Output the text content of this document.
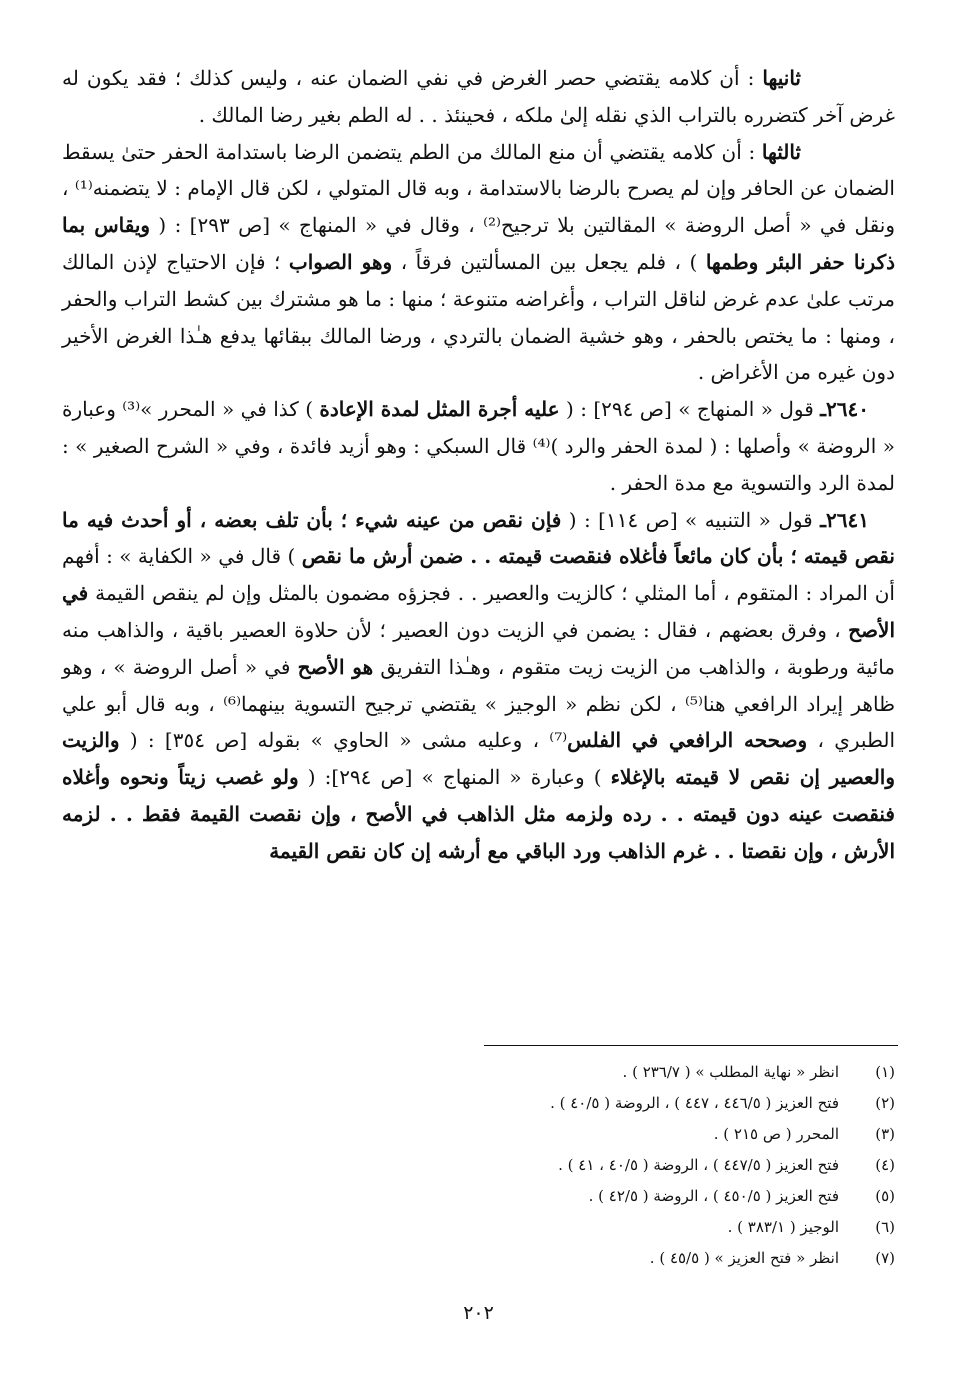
ثانيها : أن كلامه يقتضي حصر الغرض في نفي الضمان عنه ، وليس كذلك ؛ فقد يكون له غرض آخر كتضرره بالتراب الذي نقله إلىٰ ملكه ، فحينئذ . . له الطم بغير رضا المالك .

ثالثها : أن كلامه يقتضي أن منع المالك من الطم يتضمن الرضا باستدامة الحفر حتىٰ يسقط الضمان عن الحافر وإن لم يصرح بالرضا بالاستدامة ، وبه قال المتولي ، لكن قال الإمام : لا يتضمنه⁽¹⁾ ، ونقل في « أصل الروضة » المقالتين بلا ترجيح⁽²⁾ ، وقال في « المنهاج » [ص ٢٩٣] : ( ويقاس بما ذكرنا حفر البئر وطمها ) ، فلم يجعل بين المسألتين فرقاً ، وهو الصواب ؛ فإن الاحتياج لإذن المالك مرتب علىٰ عدم غرض لناقل التراب ، وأغراضه متنوعة ؛ منها : ما هو مشترك بين كشط التراب والحفر ، ومنها : ما يختص بالحفر ، وهو خشية الضمان بالتردي ، ورضا المالك ببقائها يدفع هـٰذا الغرض الأخير دون غيره من الأغراض .

٢٦٤٠ـ قول « المنهاج » [ص ٢٩٤] : ( عليه أجرة المثل لمدة الإعادة ) كذا في « المحرر »⁽³⁾ وعبارة « الروضة » وأصلها : ( لمدة الحفر والرد )⁽⁴⁾ قال السبكي : وهو أزيد فائدة ، وفي « الشرح الصغير » : لمدة الرد والتسوية مع مدة الحفر .

٢٦٤١ـ قول « التنبيه » [ص ١١٤] : ( فإن نقص من عينه شيء ؛ بأن تلف بعضه ، أو أحدث فيه ما نقص قيمته ؛ بأن كان مائعاً فأغلاه فنقصت قيمته . . ضمن أرش ما نقص ) قال في « الكفاية » : أفهم أن المراد : المتقوم ، أما المثلي ؛ كالزيت والعصير . . فجزؤه مضمون بالمثل وإن لم ينقص القيمة في الأصح ، وفرق بعضهم ، فقال : يضمن في الزيت دون العصير ؛ لأن حلاوة العصير باقية ، والذاهب منه مائية ورطوبة ، والذاهب من الزيت زيت متقوم ، وهـٰذا التفريق هو الأصح في « أصل الروضة » ، وهو ظاهر إيراد الرافعي هنا⁽⁵⁾ ، لكن نظم « الوجيز » يقتضي ترجيح التسوية بينهما⁽⁶⁾ ، وبه قال أبو علي الطبري ، وصححه الرافعي في الفلس⁽⁷⁾ ، وعليه مشى « الحاوي » بقوله [ص ٣٥٤] : ( والزيت والعصير إن نقص لا قيمته بالإغلاء ) وعبارة « المنهاج » [ص ٢٩٤]: ( ولو غصب زيتاً ونحوه وأغلاه فنقصت عينه دون قيمته . . رده ولزمه مثل الذاهب في الأصح ، وإن نقصت القيمة فقط . . لزمه الأرش ، وإن نقصتا . . غرم الذاهب ورد الباقي مع أرشه إن كان نقص القيمة

(١)انظر « نهاية المطلب » ( ٢٣٦/٧ ) .
(٢)فتح العزيز ( ٤٤٦/٥ ، ٤٤٧ ) ، الروضة ( ٤٠/٥ ) .
(٣)المحرر ( ص ٢١٥ ) .
(٤)فتح العزيز ( ٤٤٧/٥ ) ، الروضة ( ٤٠/٥ ، ٤١ ) .
(٥)فتح العزيز ( ٤٥٠/٥ ) ، الروضة ( ٤٢/٥ ) .
(٦)الوجيز ( ٣٨٣/١ ) .
(٧)انظر « فتح العزيز » ( ٤٥/٥ ) .
٢٠٢
